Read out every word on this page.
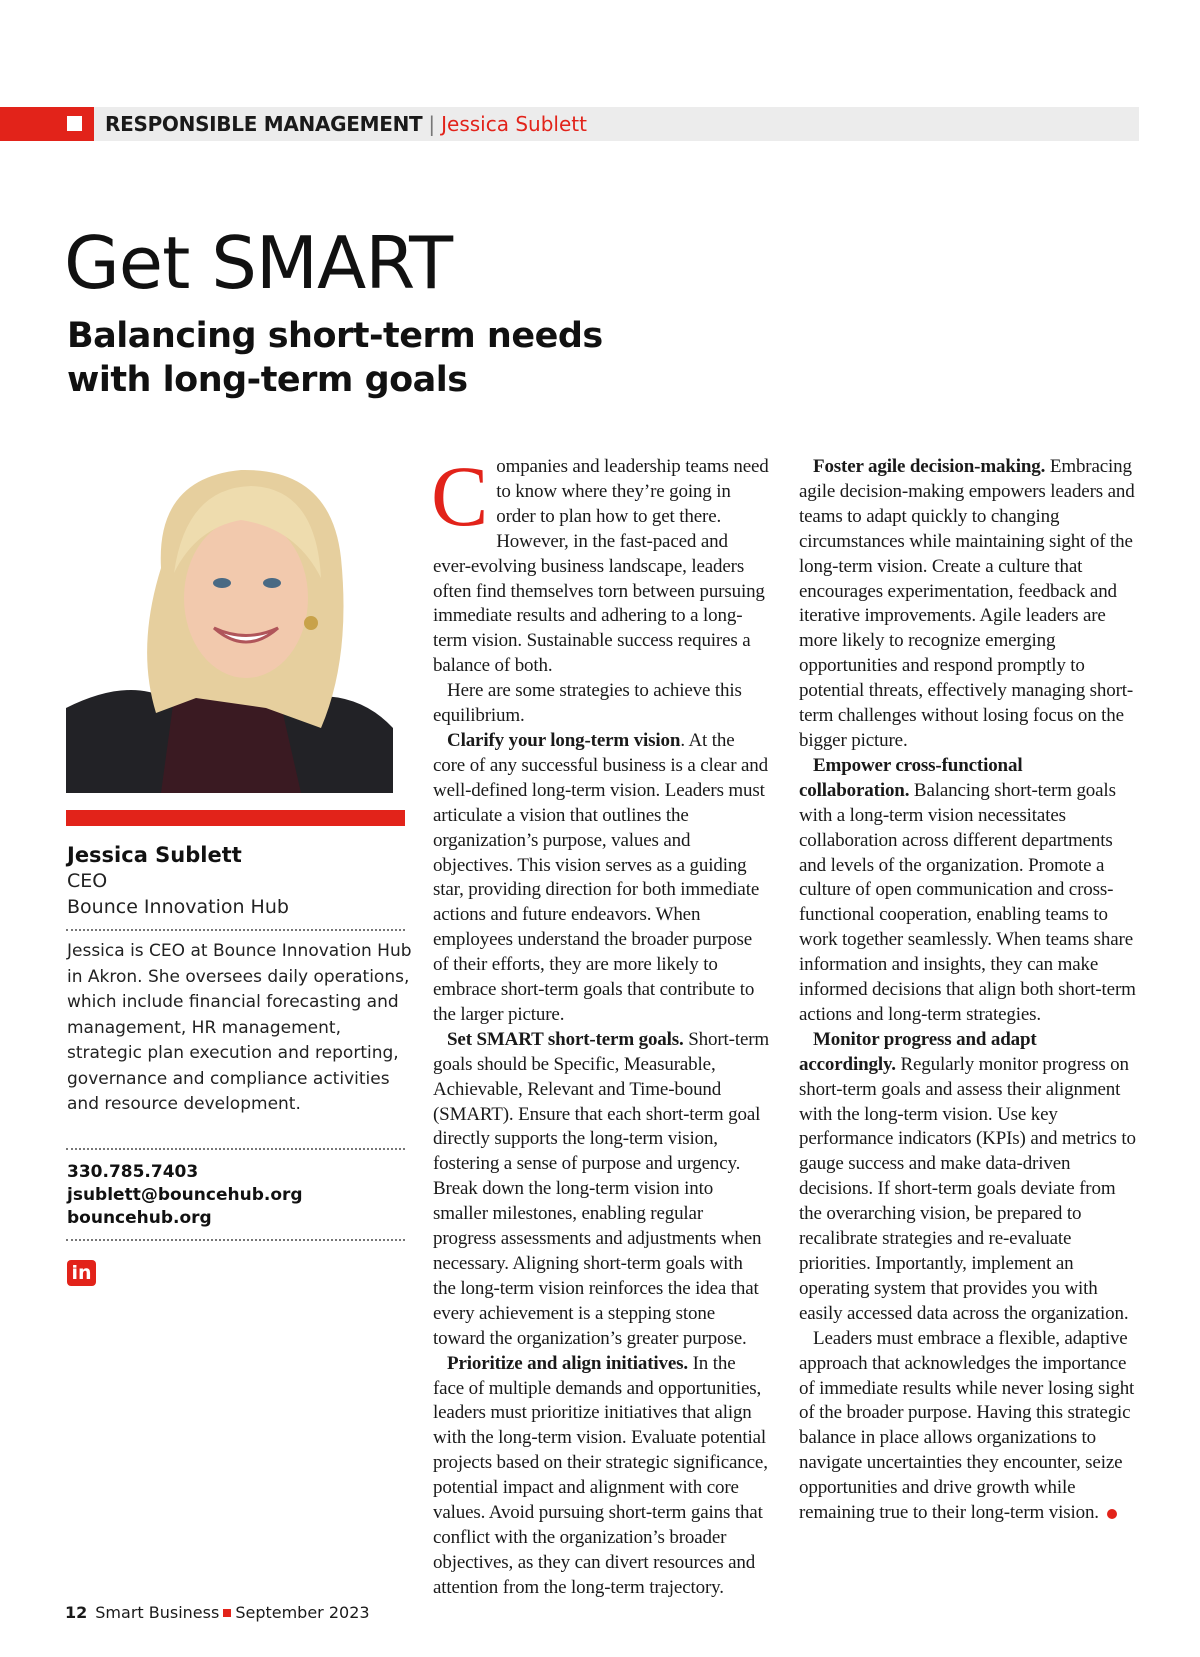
RESPONSIBLE MANAGEMENT | Jessica Sublett
Get SMART
Balancing short-term needs with long-term goals
Jessica Sublett
CEO
Bounce Innovation Hub
Jessica is CEO at Bounce Innovation Hub in Akron. She oversees daily operations, which include financial forecasting and management, HR management, strategic plan execution and reporting, governance and compliance activities and resource development.
330.785.7403
jsublett@bouncehub.org
bouncehub.org
in

Companies and leadership teams need to know where they’re going in order to plan how to get there. However, in the fast-paced and ever-evolving business landscape, leaders often find themselves torn between pursuing immediate results and adhering to a long-term vision. Sustainable success requires a balance of both.

Here are some strategies to achieve this equilibrium.

Clarify your long-term vision. At the core of any successful business is a clear and well-defined long-term vision. Leaders must articulate a vision that outlines the organization’s purpose, values and objectives. This vision serves as a guiding star, providing direction for both immediate actions and future endeavors. When employees understand the broader purpose of their efforts, they are more likely to embrace short-term goals that contribute to the larger picture.

Set SMART short-term goals. Short-term goals should be Specific, Measurable, Achievable, Relevant and Time-bound (SMART). Ensure that each short-term goal directly supports the long-term vision, fostering a sense of purpose and urgency. Break down the long-term vision into smaller milestones, enabling regular progress assessments and adjustments when necessary. Aligning short-term goals with the long-term vision reinforces the idea that every achievement is a stepping stone toward the organization’s greater purpose.

Prioritize and align initiatives. In the face of multiple demands and opportunities, leaders must prioritize initiatives that align with the long-term vision. Evaluate potential projects based on their strategic significance, potential impact and alignment with core values. Avoid pursuing short-term gains that conflict with the organization’s broader objectives, as they can divert resources and attention from the long-term trajectory.

Foster agile decision-making. Embracing agile decision-making empowers leaders and teams to adapt quickly to changing circumstances while maintaining sight of the long-term vision. Create a culture that encourages experimentation, feedback and iterative improvements. Agile leaders are more likely to recognize emerging opportunities and respond promptly to potential threats, effectively managing short-term challenges without losing focus on the bigger picture.

Empower cross-functional collaboration. Balancing short-term goals with a long-term vision necessitates collaboration across different departments and levels of the organization. Promote a culture of open communication and cross-functional cooperation, enabling teams to work together seamlessly. When teams share information and insights, they can make informed decisions that align both short-term actions and long-term strategies.

Monitor progress and adapt accordingly. Regularly monitor progress on short-term goals and assess their alignment with the long-term vision. Use key performance indicators (KPIs) and metrics to gauge success and make data-driven decisions. If short-term goals deviate from the overarching vision, be prepared to recalibrate strategies and re-evaluate priorities. Importantly, implement an operating system that provides you with easily accessed data across the organization.

Leaders must embrace a flexible, adaptive approach that acknowledges the importance of immediate results while never losing sight of the broader purpose. Having this strategic balance in place allows organizations to navigate uncertainties they encounter, seize opportunities and drive growth while remaining true to their long-term vision.

12 Smart Business September 2023
